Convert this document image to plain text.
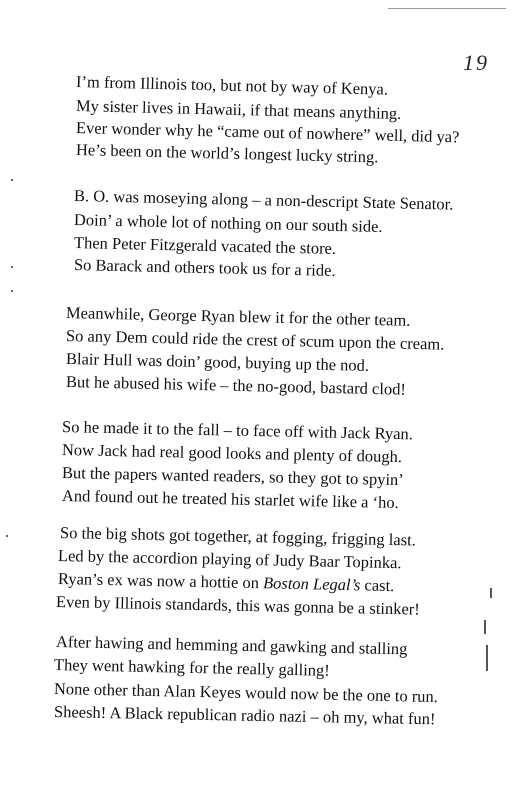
19
I’m from Illinois too, but not by way of Kenya.
My sister lives in Hawaii, if that means anything.
Ever wonder why he “came out of nowhere” well, did ya?
He’s been on the world’s longest lucky string.
B. O. was moseying along – a non-descript State Senator.
Doin’ a whole lot of nothing on our south side.
Then Peter Fitzgerald vacated the store.
So Barack and others took us for a ride.
Meanwhile, George Ryan blew it for the other team.
So any Dem could ride the crest of scum upon the cream.
Blair Hull was doin’ good, buying up the nod.
But he abused his wife – the no-good, bastard clod!
So he made it to the fall – to face off with Jack Ryan.
Now Jack had real good looks and plenty of dough.
But the papers wanted readers, so they got to spyin’
And found out he treated his starlet wife like a ‘ho.
So the big shots got together, at fogging, frigging last.
Led by the accordion playing of Judy Baar Topinka.
Ryan’s ex was now a hottie on Boston Legal’s cast.
Even by Illinois standards, this was gonna be a stinker!
After hawing and hemming and gawking and stalling
They went hawking for the really galling!
None other than Alan Keyes would now be the one to run.
Sheesh! A Black republican radio nazi – oh my, what fun!
